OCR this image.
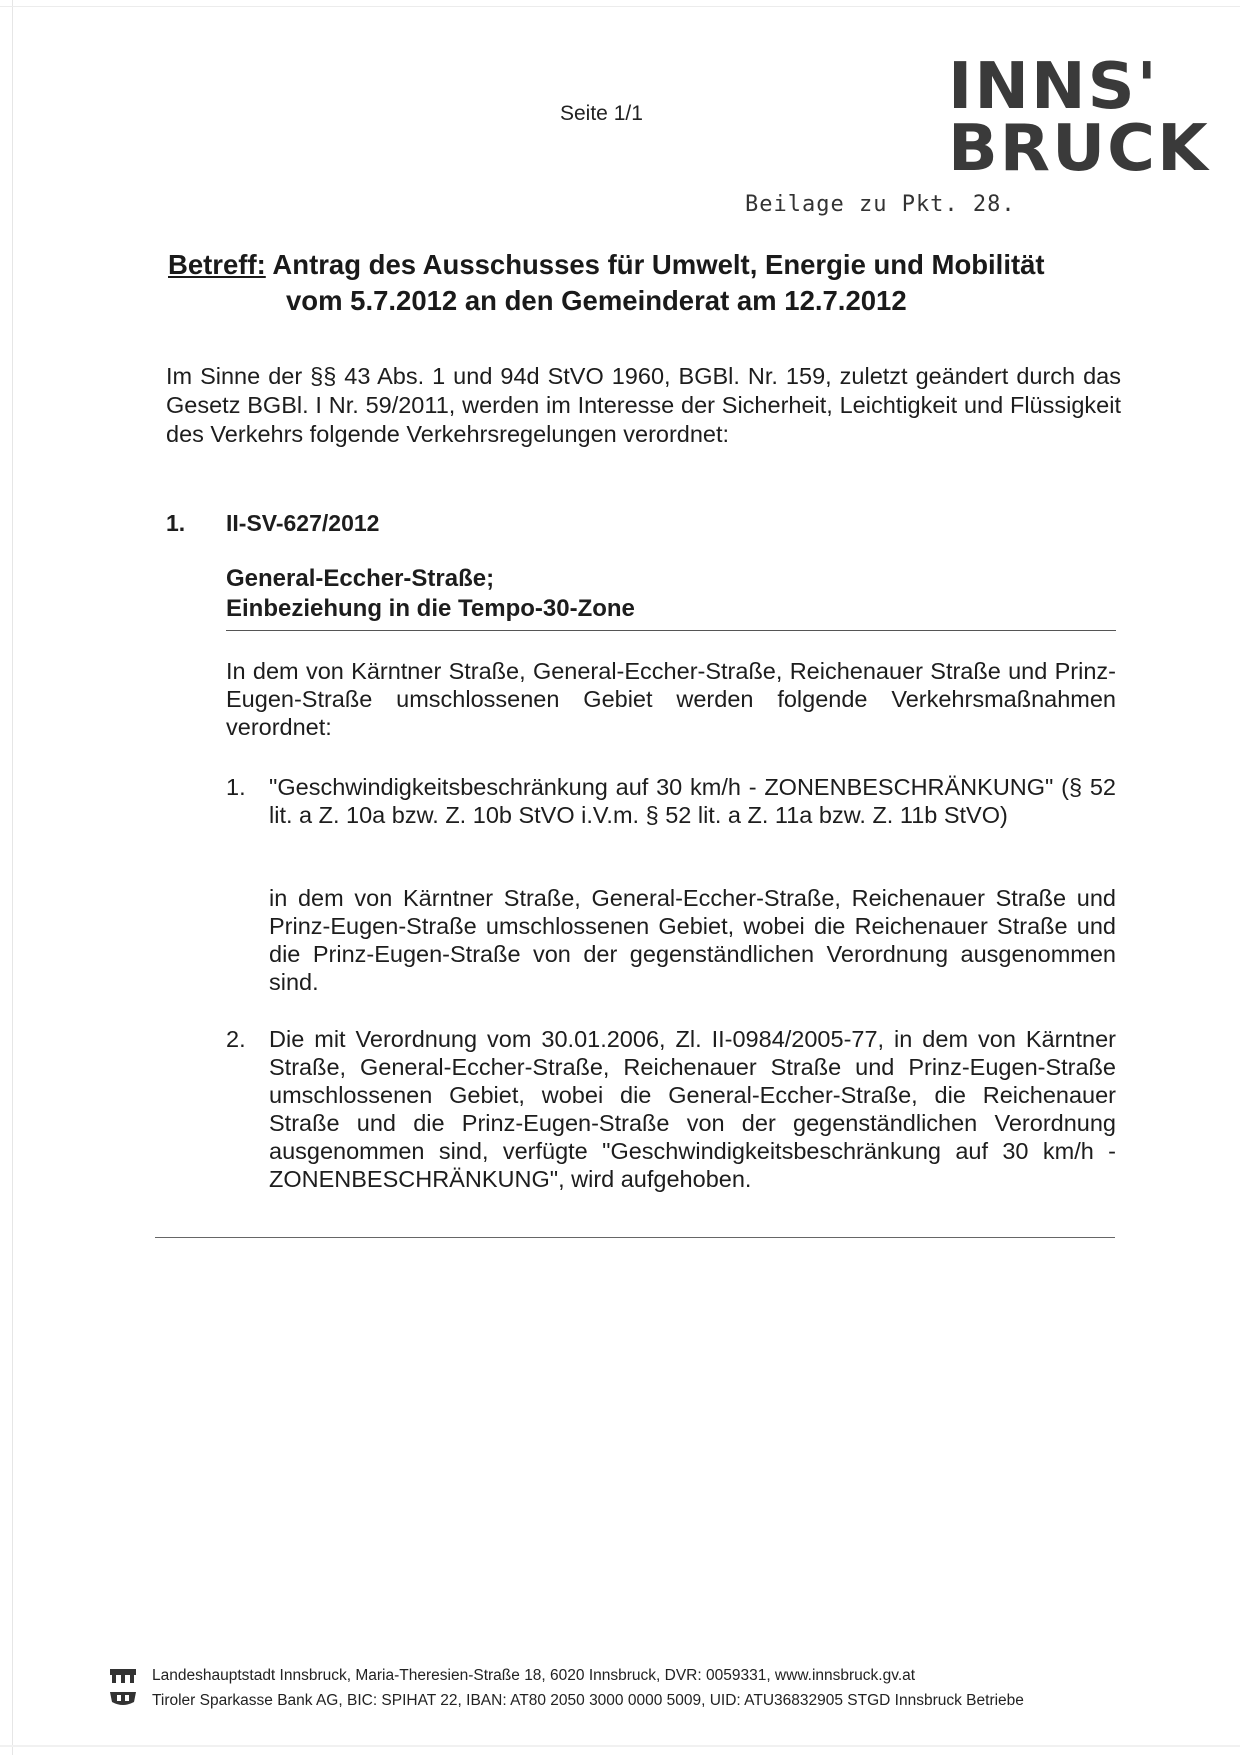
Seite 1/1	INNS'
BRUCK
Beilage zu Pkt. 28.
Betreff: Antrag des Ausschusses für Umwelt, Energie und Mobilität
vom 5.7.2012 an den Gemeinderat am 12.7.2012
Im Sinne der §§ 43 Abs. 1 und 94d StVO 1960, BGBl. Nr. 159, zuletzt geändert durch das Gesetz BGBl. I Nr. 59/2011, werden im Interesse der Sicherheit, Leichtigkeit und Flüssigkeit des Verkehrs folgende Verkehrsregelungen verordnet:
1. II-SV-627/2012
General-Eccher-Straße;
Einbeziehung in die Tempo-30-Zone
In dem von Kärntner Straße, General-Eccher-Straße, Reichenauer Straße und Prinz-Eugen-Straße umschlossenen Gebiet werden folgende Verkehrsmaßnahmen verordnet:
1. "Geschwindigkeitsbeschränkung auf 30 km/h - ZONENBESCHRÄNKUNG" (§ 52 lit. a Z. 10a bzw. Z. 10b StVO i.V.m. § 52 lit. a Z. 11a bzw. Z. 11b StVO)
in dem von Kärntner Straße, General-Eccher-Straße, Reichenauer Straße und Prinz-Eugen-Straße umschlossenen Gebiet, wobei die Reichenauer Straße und die Prinz-Eugen-Straße von der gegenständlichen Verordnung ausgenommen sind.
2. Die mit Verordnung vom 30.01.2006, Zl. II-0984/2005-77, in dem von Kärntner Straße, General-Eccher-Straße, Reichenauer Straße und Prinz-Eugen-Straße umschlossenen Gebiet, wobei die General-Eccher-Straße, die Reichenauer Straße und die Prinz-Eugen-Straße von der gegenständlichen Verordnung ausgenommen sind, verfügte "Geschwindigkeitsbeschränkung auf 30 km/h - ZONENBESCHRÄNKUNG", wird aufgehoben.
Landeshauptstadt Innsbruck, Maria-Theresien-Straße 18, 6020 Innsbruck, DVR: 0059331, www.innsbruck.gv.at
Tiroler Sparkasse Bank AG, BIC: SPIHAT 22, IBAN: AT80 2050 3000 0000 5009, UID: ATU36832905 STGD Innsbruck Betriebe
